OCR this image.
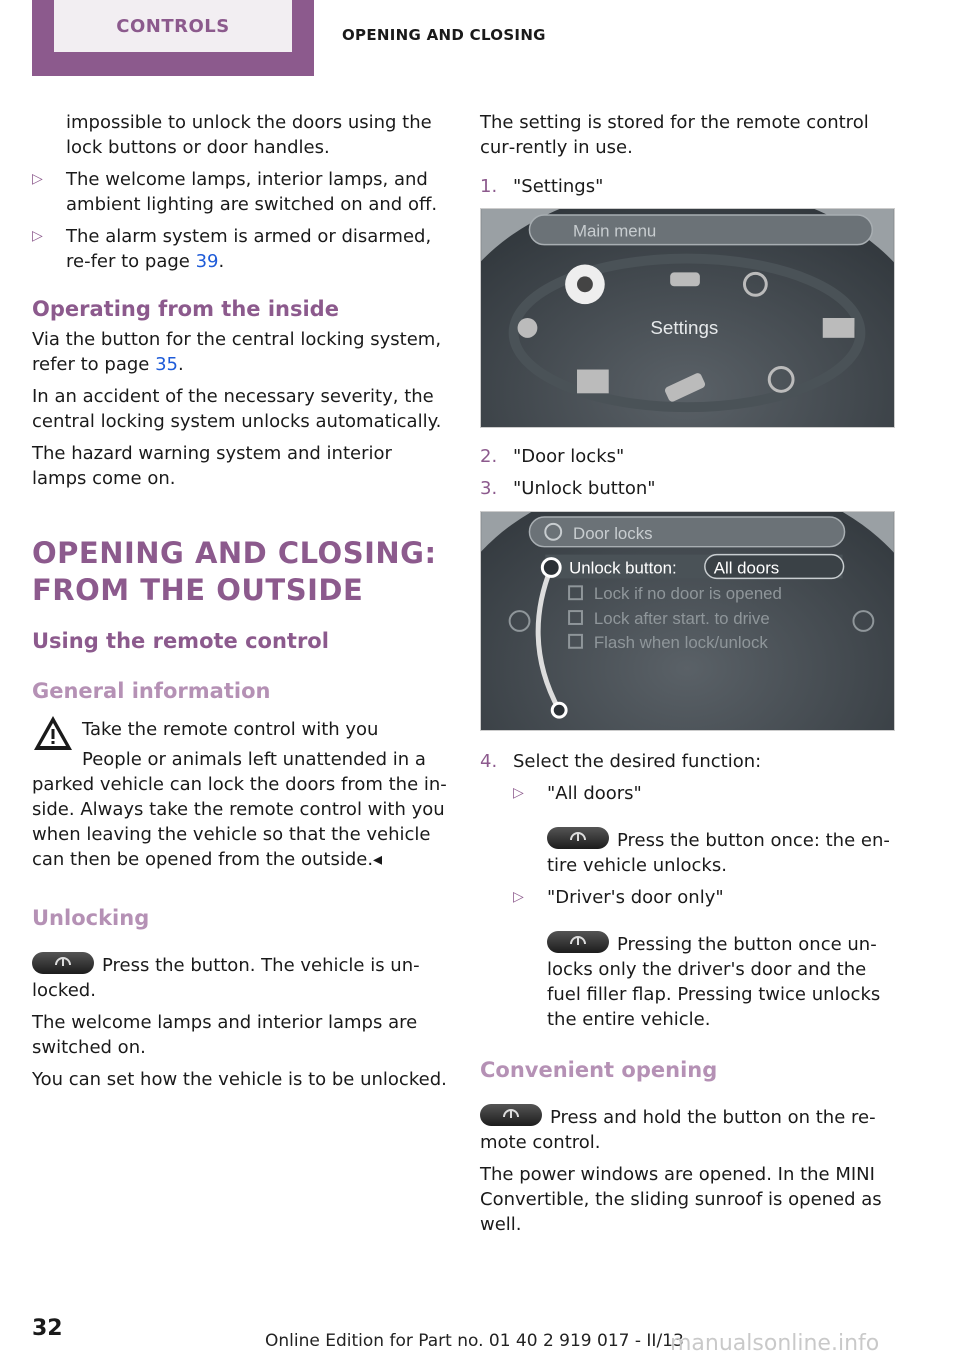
CONTROLS	OPENING AND CLOSING
impossible to unlock the doors using the lock buttons or door handles.
▷	The welcome lamps, interior lamps, and ambient lighting are switched on and off.
▷	The alarm system is armed or disarmed, re‐fer to page 39.
Operating from the inside

Via the button for the central locking system, refer to page 35.

In an accident of the necessary severity, the central locking system unlocks automatically.

The hazard warning system and interior lamps come on.

OPENING AND CLOSING:
FROM THE OUTSIDE
Using the remote control
General information

Take the remote control with you

People or animals left unattended in a parked vehicle can lock the doors from the in‐side. Always take the remote control with you when leaving the vehicle so that the vehicle can then be opened from the outside.◂

Unlocking

Press the button. The vehicle is un‐locked.

The welcome lamps and interior lamps are switched on.

You can set how the vehicle is to be unlocked.

The setting is stored for the remote control cur‐rently in use.

1. "Settings"
Main menu
Settings
2. "Door locks"
3. "Unlock button"
Door locks
Unlock button: All doors
Lock if no door is opened
Lock after start. to drive
Flash when lock/unlock
4. Select the desired function:
▷	"All doors"

Press the button once: the en‐tire vehicle unlocks.

▷	"Driver's door only"

Pressing the button once un‐locks only the driver's door and the fuel filler flap. Pressing twice unlocks the entire vehicle.

Convenient opening

Press and hold the button on the re‐mote control.

The power windows are opened. In the MINI Convertible, the sliding sunroof is opened as well.

32	Online Edition for Part no. 01 40 2 919 017 - II/13
manualsonline.info
